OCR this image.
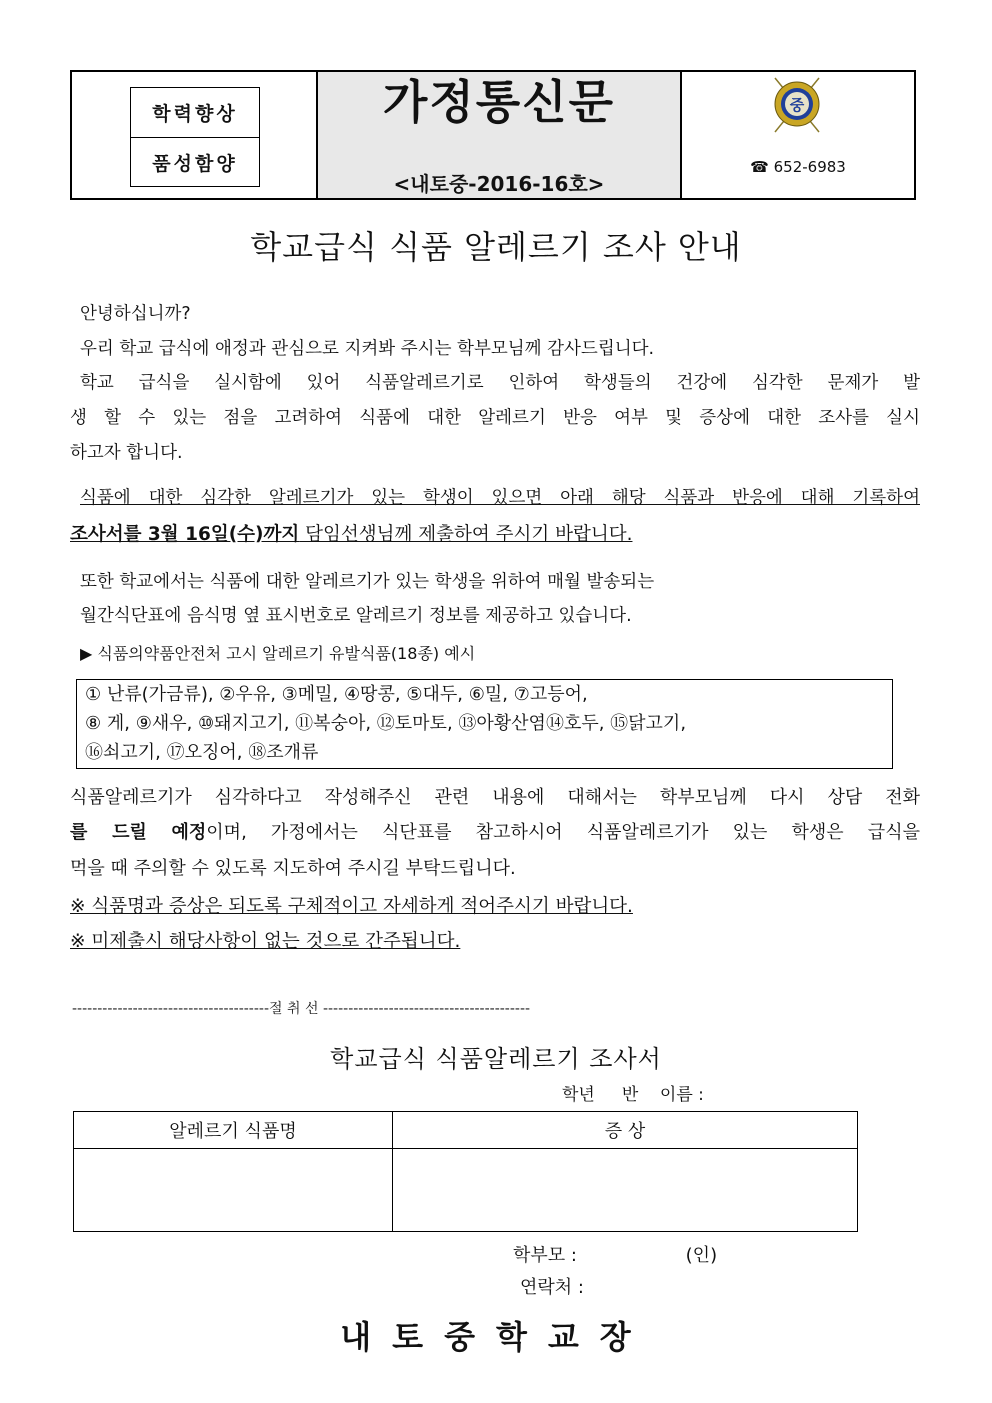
학력향상
품성함양
가정통신문
<내토중-2016-16호>
중
☎ 652-6983
학교급식 식품 알레르기 조사 안내
안녕하십니까?
우리 학교 급식에 애정과 관심으로 지켜봐 주시는 학부모님께 감사드립니다.
학교 급식을 실시함에 있어 식품알레르기로 인하여 학생들의 건강에 심각한 문제가 발
생 할 수 있는 점을 고려하여 식품에 대한 알레르기 반응 여부 및 증상에 대한 조사를 실시
하고자 합니다.
식품에 대한 심각한 알레르기가 있는 학생이 있으면 아래 해당 식품과 반응에 대해 기록하여
조사서를 3월 16일(수)까지 담임선생님께 제출하여 주시기 바랍니다.
또한 학교에서는 식품에 대한 알레르기가 있는 학생을 위하여 매월 발송되는
월간식단표에 음식명 옆 표시번호로 알레르기 정보를 제공하고 있습니다.
▶ 식품의약품안전처 고시 알레르기 유발식품(18종) 예시
① 난류(가금류), ②우유, ③메밀, ④땅콩, ⑤대두, ⑥밀, ⑦고등어,
⑧ 게, ⑨새우, ⑩돼지고기, ⑪복숭아, ⑫토마토, ⑬아황산염⑭호두, ⑮닭고기,
⑯쇠고기, ⑰오징어, ⑱조개류
식품알레르기가 심각하다고 작성해주신 관련 내용에 대해서는 학부모님께 다시 상담 전화
를 드릴 예정이며, 가정에서는 식단표를 참고하시어 식품알레르기가 있는 학생은 급식을
먹을 때 주의할 수 있도록 지도하여 주시길 부탁드립니다.
※ 식품명과 증상은 되도록 구체적이고 자세하게 적어주시기 바랍니다.
※ 미제출시 해당사항이 없는 것으로 간주됩니다.
---------------------------------------절 취 선 -----------------------------------------
학교급식 식품알레르기 조사서
학년     반    이름 :
알레르기 식품명	증 상

학부모 :                   (인)
연락처 :
내토중학교장
